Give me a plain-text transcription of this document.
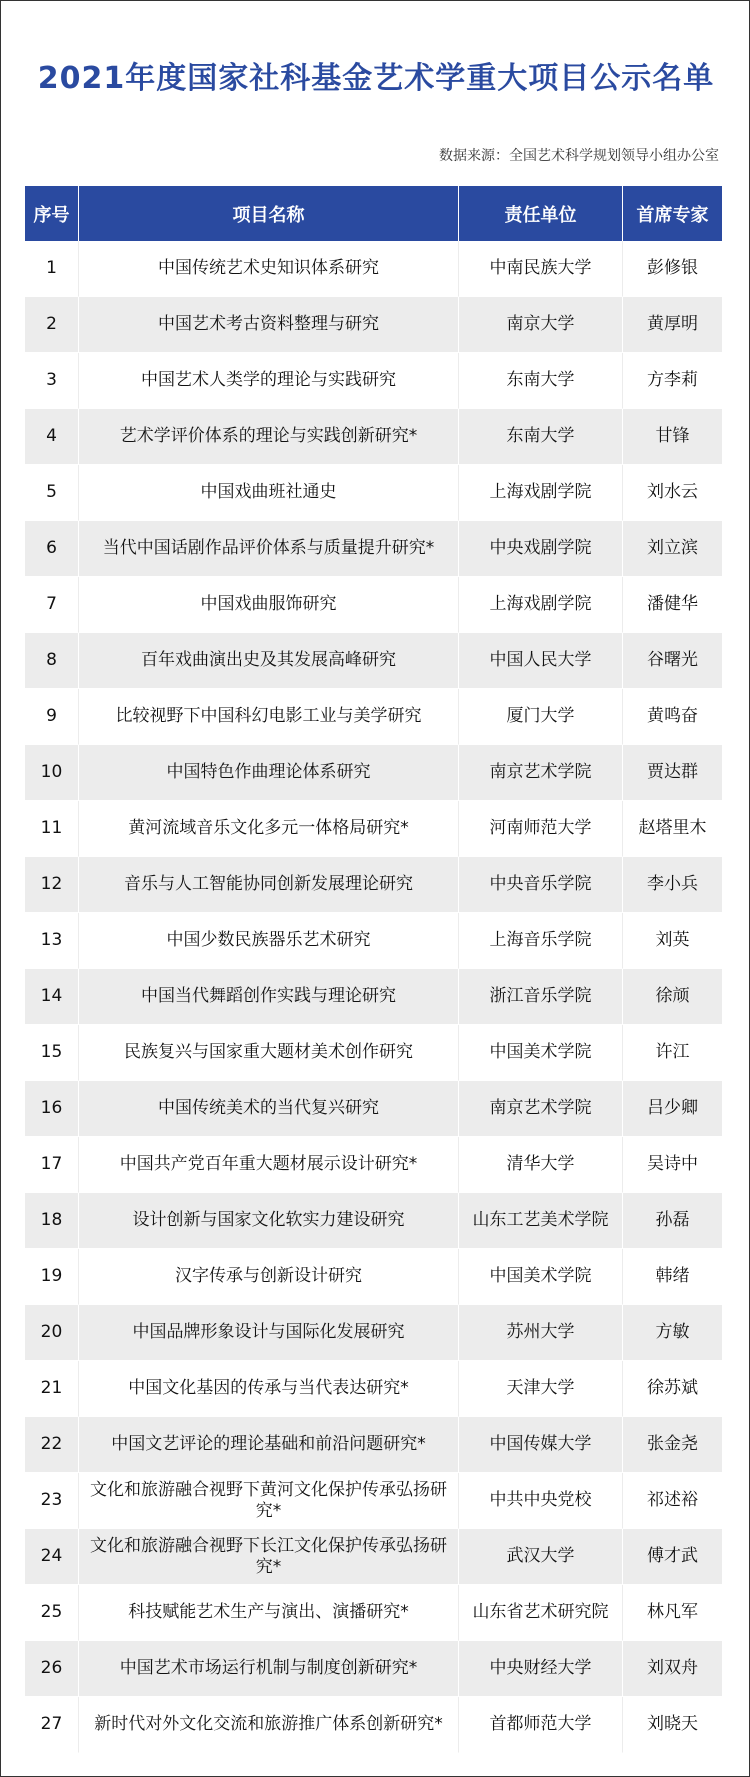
2021年度国家社科基金艺术学重大项目公示名单
数据来源：全国艺术科学规划领导小组办公室
序号	项目名称	责任单位	首席专家
1	中国传统艺术史知识体系研究	中南民族大学	彭修银
2	中国艺术考古资料整理与研究	南京大学	黄厚明
3	中国艺术人类学的理论与实践研究	东南大学	方李莉
4	艺术学评价体系的理论与实践创新研究*	东南大学	甘锋
5	中国戏曲班社通史	上海戏剧学院	刘水云
6	当代中国话剧作品评价体系与质量提升研究*	中央戏剧学院	刘立滨
7	中国戏曲服饰研究	上海戏剧学院	潘健华
8	百年戏曲演出史及其发展高峰研究	中国人民大学	谷曙光
9	比较视野下中国科幻电影工业与美学研究	厦门大学	黄鸣奋
10	中国特色作曲理论体系研究	南京艺术学院	贾达群
11	黄河流域音乐文化多元一体格局研究*	河南师范大学	赵塔里木
12	音乐与人工智能协同创新发展理论研究	中央音乐学院	李小兵
13	中国少数民族器乐艺术研究	上海音乐学院	刘英
14	中国当代舞蹈创作实践与理论研究	浙江音乐学院	徐颃
15	民族复兴与国家重大题材美术创作研究	中国美术学院	许江
16	中国传统美术的当代复兴研究	南京艺术学院	吕少卿
17	中国共产党百年重大题材展示设计研究*	清华大学	吴诗中
18	设计创新与国家文化软实力建设研究	山东工艺美术学院	孙磊
19	汉字传承与创新设计研究	中国美术学院	韩绪
20	中国品牌形象设计与国际化发展研究	苏州大学	方敏
21	中国文化基因的传承与当代表达研究*	天津大学	徐苏斌
22	中国文艺评论的理论基础和前沿问题研究*	中国传媒大学	张金尧
23	文化和旅游融合视野下黄河文化保护传承弘扬研究*	中共中央党校	祁述裕
24	文化和旅游融合视野下长江文化保护传承弘扬研究*	武汉大学	傅才武
25	科技赋能艺术生产与演出、演播研究*	山东省艺术研究院	林凡军
26	中国艺术市场运行机制与制度创新研究*	中央财经大学	刘双舟
27	新时代对外文化交流和旅游推广体系创新研究*	首都师范大学	刘晓天
